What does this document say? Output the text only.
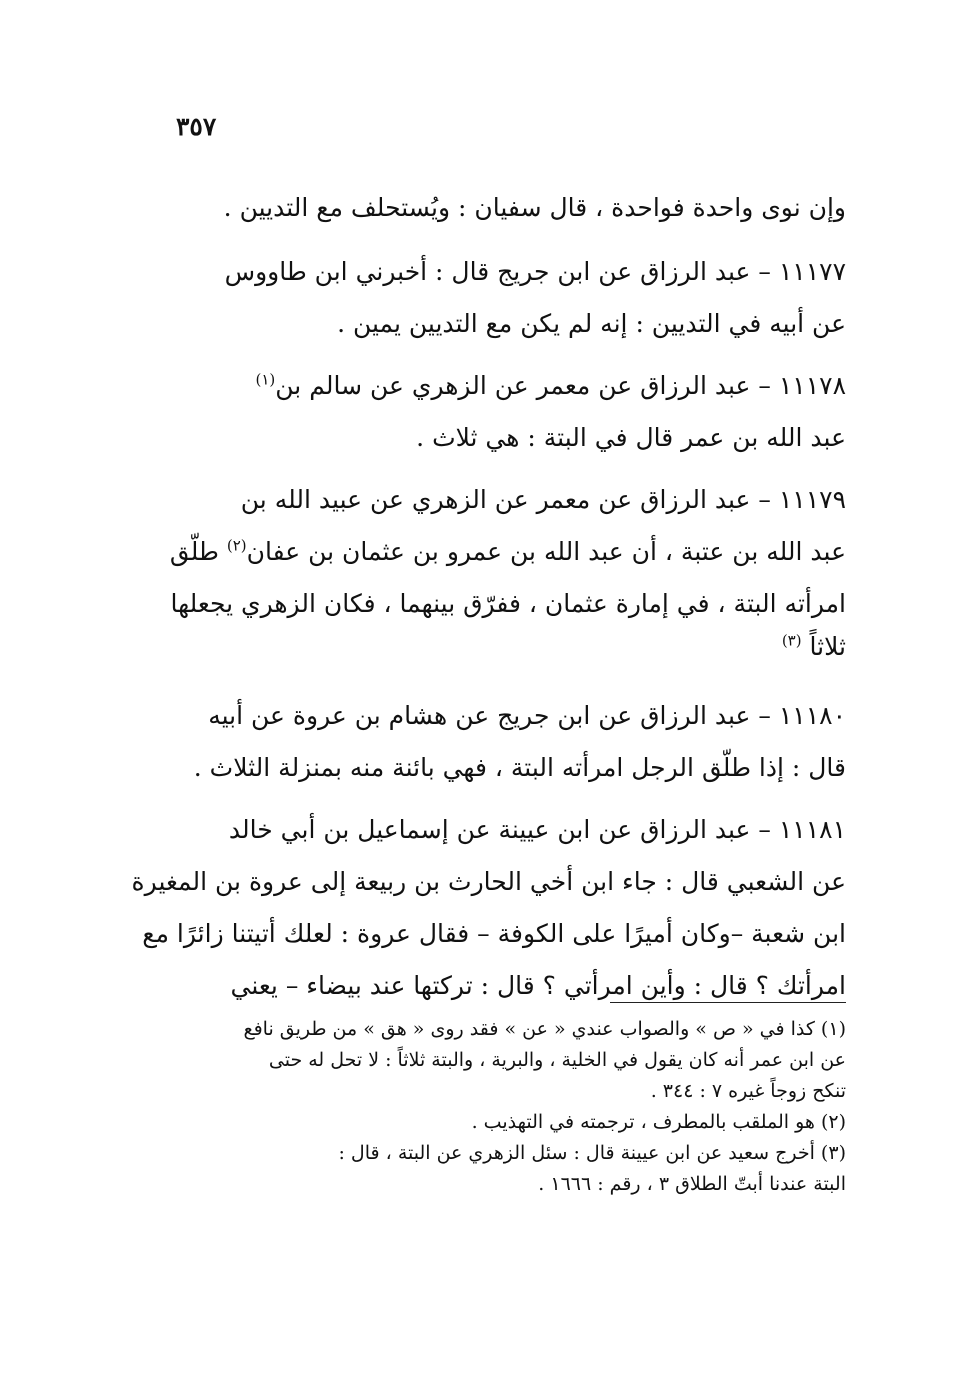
٣٥٧
وإن نوى واحدة فواحدة ، قال سفيان : ويُستحلف مع التديين .
١١١٧٧ – عبد الرزاق عن ابن جريج قال : أخبرني ابن طاووس
عن أبيه في التديين : إنه لم يكن مع التديين يمين .
١١١٧٨ – عبد الرزاق عن معمر عن الزهري عن سالم بن$^{(١)}$
عبد الله بن عمر قال في البتة : هي ثلاث .
١١١٧٩ – عبد الرزاق عن معمر عن الزهري عن عبيد الله بن
عبد الله بن عتبة ، أن عبد الله بن عمرو بن عثمان بن عفان$^{(٢)}$ طلّق
امرأته البتة ، في إمارة عثمان ، ففرّق بينهما ، فكان الزهري يجعلها
ثلاثاً $^{(٣)}$
١١١٨٠ – عبد الرزاق عن ابن جريج عن هشام بن عروة عن أبيه
قال : إذا طلّق الرجل امرأته البتة ، فهي بائنة منه بمنزلة الثلاث .
١١١٨١ – عبد الرزاق عن ابن عيينة عن إسماعيل بن أبي خالد
عن الشعبي قال : جاء ابن أخي الحارث بن ربيعة إلى عروة بن المغيرة
ابن شعبة –وكان أميرًا على الكوفة – فقال عروة : لعلك أتيتنا زائرًا مع
امرأتك ؟ قال : وأين امرأتي ؟ قال : تركتها عند بيضاء – يعني
(١) كذا في « ص » والصواب عندي « عن » فقد روى « هق » من طريق نافع
عن ابن عمر أنه كان يقول في الخلية ، والبرية ، والبتة ثلاثاً : لا تحل له حتى
تنكح زوجاً غيره ٧ : ٣٤٤ .
(٢) هو الملقب بالمطرف ، ترجمته في التهذيب .
(٣) أخرج سعيد عن ابن عيينة قال : سئل الزهري عن البتة ، قال :
البتة عندنا أبتّ الطلاق ٣ ، رقم : ١٦٦٦ .
